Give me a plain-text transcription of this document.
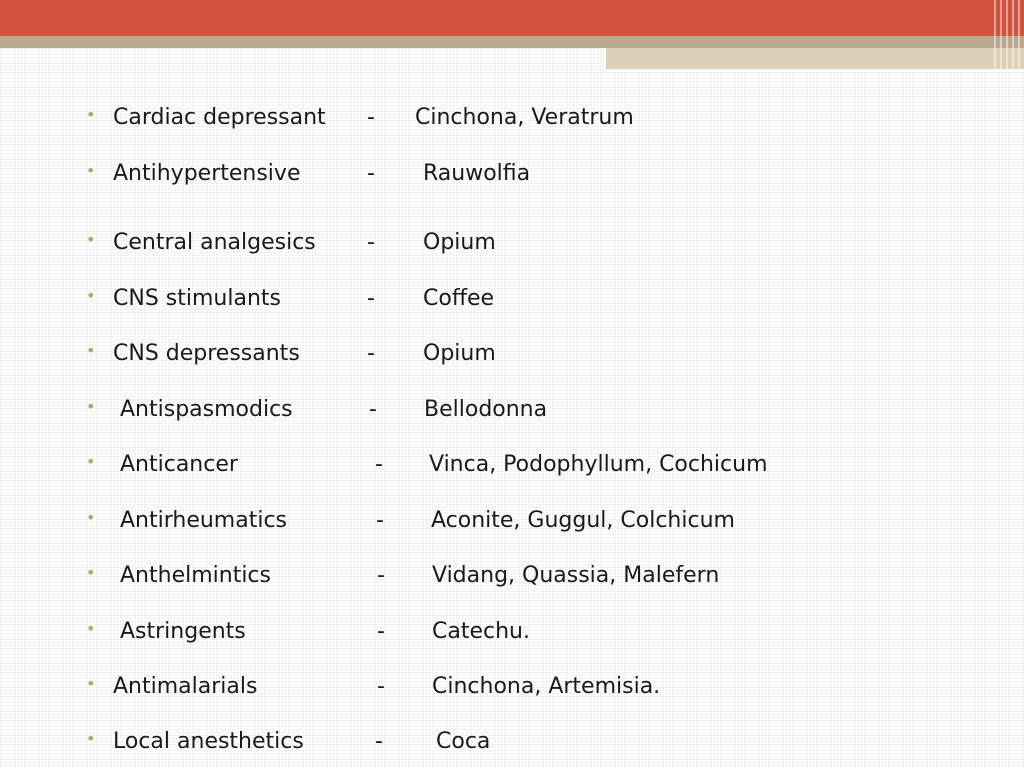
• Cardiac depressant - Cinchona, Veratrum
• Antihypertensive	- Rauwolfia
• Central analgesics - Opium
• CNS stimulants	- Coffee
• CNS depressants	- Opium
• Antispasmodics	- Bellodonna
• Anticancer	- Vinca, Podophyllum, Cochicum
• Antirheumatics	- Aconite, Guggul, Colchicum
• Anthelmintics	- Vidang, Quassia, Malefern
• Astringents	- Catechu.
• Antimalarials	- Cinchona, Artemisia.
• Local anesthetics	- Coca
